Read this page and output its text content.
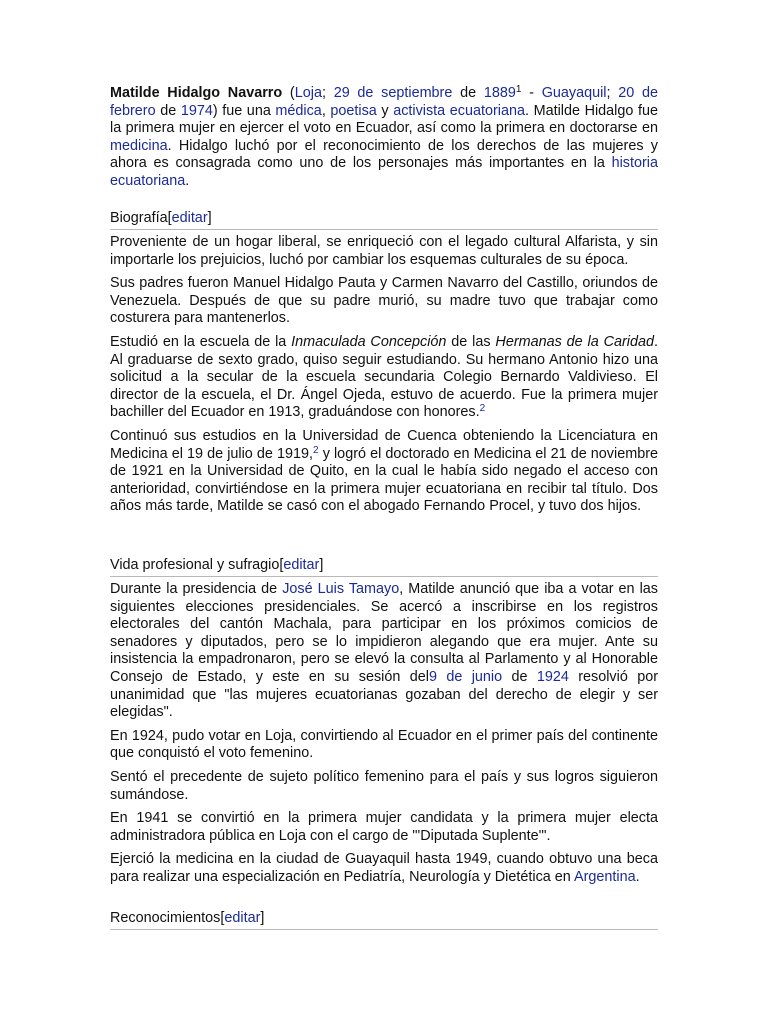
Matilde Hidalgo Navarro (Loja; 29 de septiembre de 1889$^1$ - Guayaquil; 20 de febrero de 1974) fue una médica, poetisa y activista ecuatoriana. Matilde Hidalgo fue la primera mujer en ejercer el voto en Ecuador, así como la primera en doctorarse en medicina. Hidalgo luchó por el reconocimiento de los derechos de las mujeres y ahora es consagrada como uno de los personajes más importantes en la historia ecuatoriana.

Biografía[editar]

Proveniente de un hogar liberal, se enriqueció con el legado cultural Alfarista, y sin importarle los prejuicios, luchó por cambiar los esquemas culturales de su época.

Sus padres fueron Manuel Hidalgo Pauta y Carmen Navarro del Castillo, oriundos de Venezuela. Después de que su padre murió, su madre tuvo que trabajar como costurera para mantenerlos.

Estudió en la escuela de la Inmaculada Concepción de las Hermanas de la Caridad. Al graduarse de sexto grado, quiso seguir estudiando. Su hermano Antonio hizo una solicitud a la secular de la escuela secundaria Colegio Bernardo Valdivieso. El director de la escuela, el Dr. Ángel Ojeda, estuvo de acuerdo. Fue la primera mujer bachiller del Ecuador en 1913, graduándose con honores.$^2$

Continuó sus estudios en la Universidad de Cuenca obteniendo la Licenciatura en Medicina el 19 de julio de 1919,$^2$ y logró el doctorado en Medicina el 21 de noviembre de 1921 en la Universidad de Quito, en la cual le había sido negado el acceso con anterioridad, convirtiéndose en la primera mujer ecuatoriana en recibir tal título. Dos años más tarde, Matilde se casó con el abogado Fernando Procel, y tuvo dos hijos.

Vida profesional y sufragio[editar]

Durante la presidencia de José Luis Tamayo, Matilde anunció que iba a votar en las siguientes elecciones presidenciales. Se acercó a inscribirse en los registros electorales del cantón Machala, para participar en los próximos comicios de senadores y diputados, pero se lo impidieron alegando que era mujer. Ante su insistencia la empadronaron, pero se elevó la consulta al Parlamento y al Honorable Consejo de Estado, y este en su sesión del9 de junio de 1924 resolvió por unanimidad que "las mujeres ecuatorianas gozaban del derecho de elegir y ser elegidas".

En 1924, pudo votar en Loja, convirtiendo al Ecuador en el primer país del continente que conquistó el voto femenino.

Sentó el precedente de sujeto político femenino para el país y sus logros siguieron sumándose.

En 1941 se convirtió en la primera mujer candidata y la primera mujer electa administradora pública en Loja con el cargo de "'Diputada Suplente'".

Ejerció la medicina en la ciudad de Guayaquil hasta 1949, cuando obtuvo una beca para realizar una especialización en Pediatría, Neurología y Dietética en Argentina.

Reconocimientos[editar]
